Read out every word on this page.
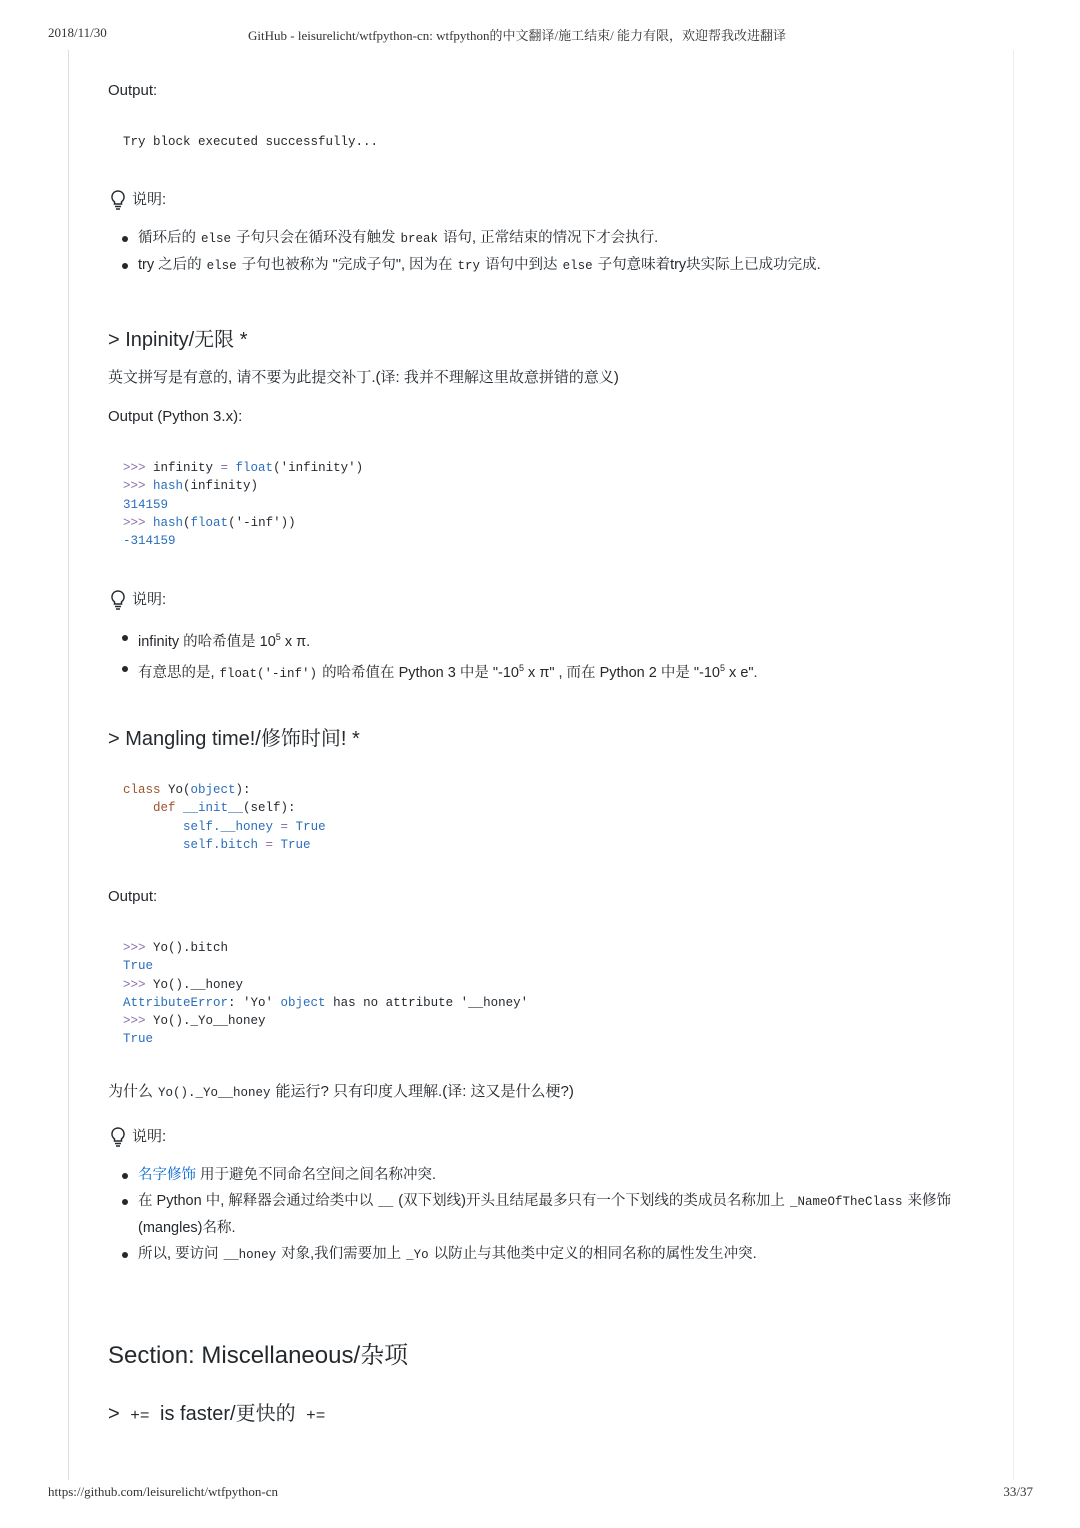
2018/11/30	GitHub - leisurelicht/wtfpython-cn: wtfpython的中文翻译/施工结束/ 能力有限，欢迎帮我改进翻译
Output:
Try block executed successfully...
说明:
循环后的 else 子句只会在循环没有触发 break 语句, 正常结束的情况下才会执行.
try 之后的 else 子句也被称为 "完成子句", 因为在 try 语句中到达 else 子句意味着try块实际上已成功完成.
> Inpinity/无限 *
英文拼写是有意的, 请不要为此提交补丁.(译: 我并不理解这里故意拼错的意义)
Output (Python 3.x):
>>> infinity = float('infinity')
>>> hash(infinity)
314159
>>> hash(float('-inf'))
-314159
说明:
infinity 的哈希值是 $10^5$ x π.
有意思的是, float('-inf') 的哈希值在 Python 3 中是 "$-10^5$ x π" , 而在 Python 2 中是 "$-10^5$ x e".
> Mangling time!/修饰时间! *
class Yo(object):
def __init__(self):
self.__honey = True
self.bitch = True
Output:
>>> Yo().bitch
True
>>> Yo().__honey
AttributeError: 'Yo' object has no attribute '__honey'
>>> Yo()._Yo__honey
True
为什么 Yo()._Yo__honey 能运行? 只有印度人理解.(译: 这又是什么梗?)
说明:
名字修饰 用于避免不同命名空间之间名称冲突.
在 Python 中, 解释器会通过给类中以 __ (双下划线)开头且结尾最多只有一个下划线的类成员名称加上 _NameOfTheClass 来修饰(mangles)名称.
所以, 要访问 __honey 对象,我们需要加上 _Yo 以防止与其他类中定义的相同名称的属性发生冲突.
Section: Miscellaneous/杂项
> += is faster/更快的 +=
https://github.com/leisurelicht/wtfpython-cn	33/37
